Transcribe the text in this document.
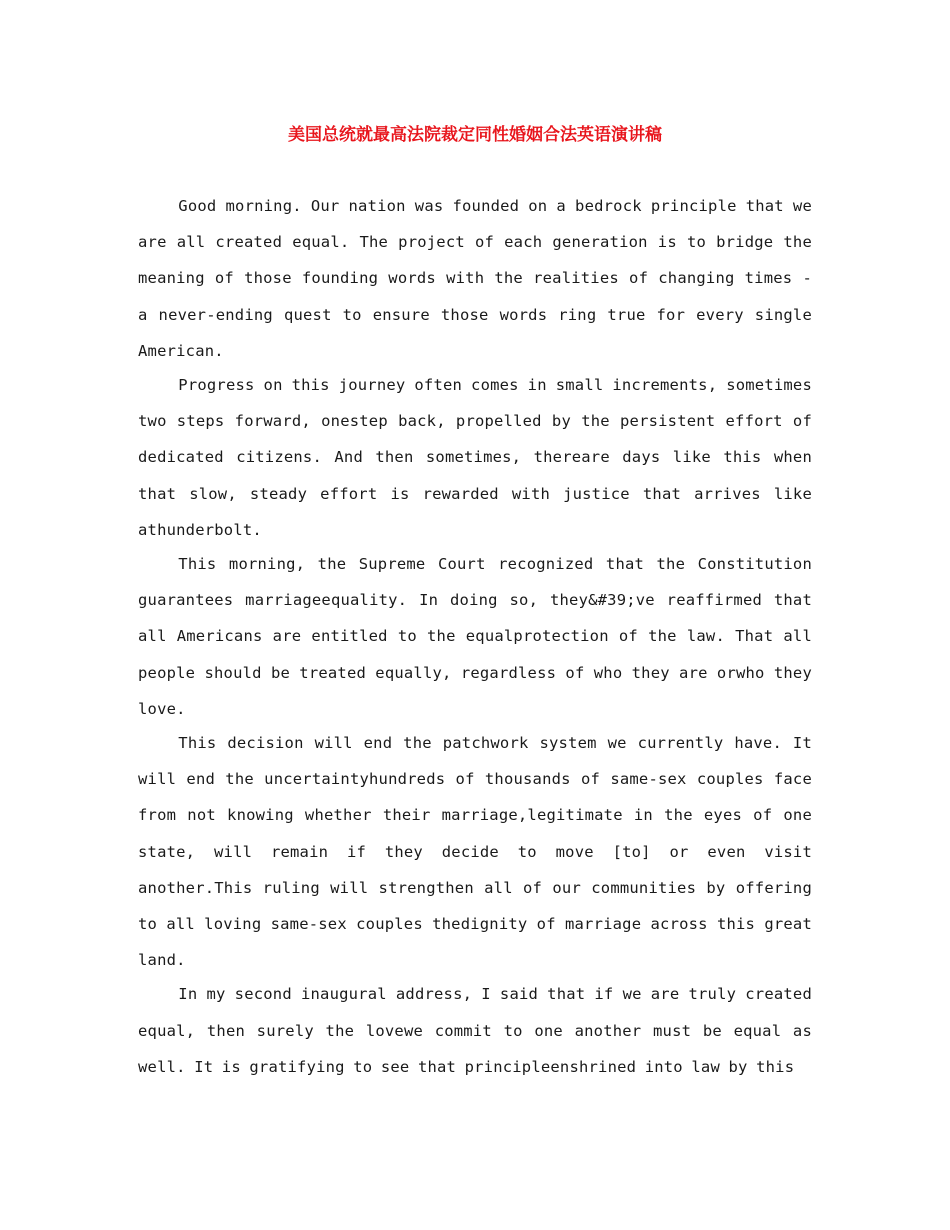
美国总统就最高法院裁定同性婚姻合法英语演讲稿

Good morning. Our nation was founded on a bedrock principle that we are all created equal. The project of each generation is to bridge the meaning of those founding words with the realities of changing times - a never-ending quest to ensure those words ring true for every single American.

Progress on this journey often comes in small increments, sometimes two steps forward, onestep back, propelled by the persistent effort of dedicated citizens. And then sometimes, thereare days like this when that slow, steady effort is rewarded with justice that arrives like athunderbolt.

This morning, the Supreme Court recognized that the Constitution guarantees marriageequality. In doing so, they&#39;ve reaffirmed that all Americans are entitled to the equalprotection of the law. That all people should be treated equally, regardless of who they are orwho they love.

This decision will end the patchwork system we currently have. It will end the uncertaintyhundreds of thousands of same-sex couples face from not knowing whether their marriage,legitimate in the eyes of one state, will remain if they decide to move [to] or even visit another.This ruling will strengthen all of our communities by offering to all loving same-sex couples thedignity of marriage across this great land.

In my second inaugural address, I said that if we are truly created equal, then surely the lovewe commit to one another must be equal as well. It is gratifying to see that principleenshrined into law by this
